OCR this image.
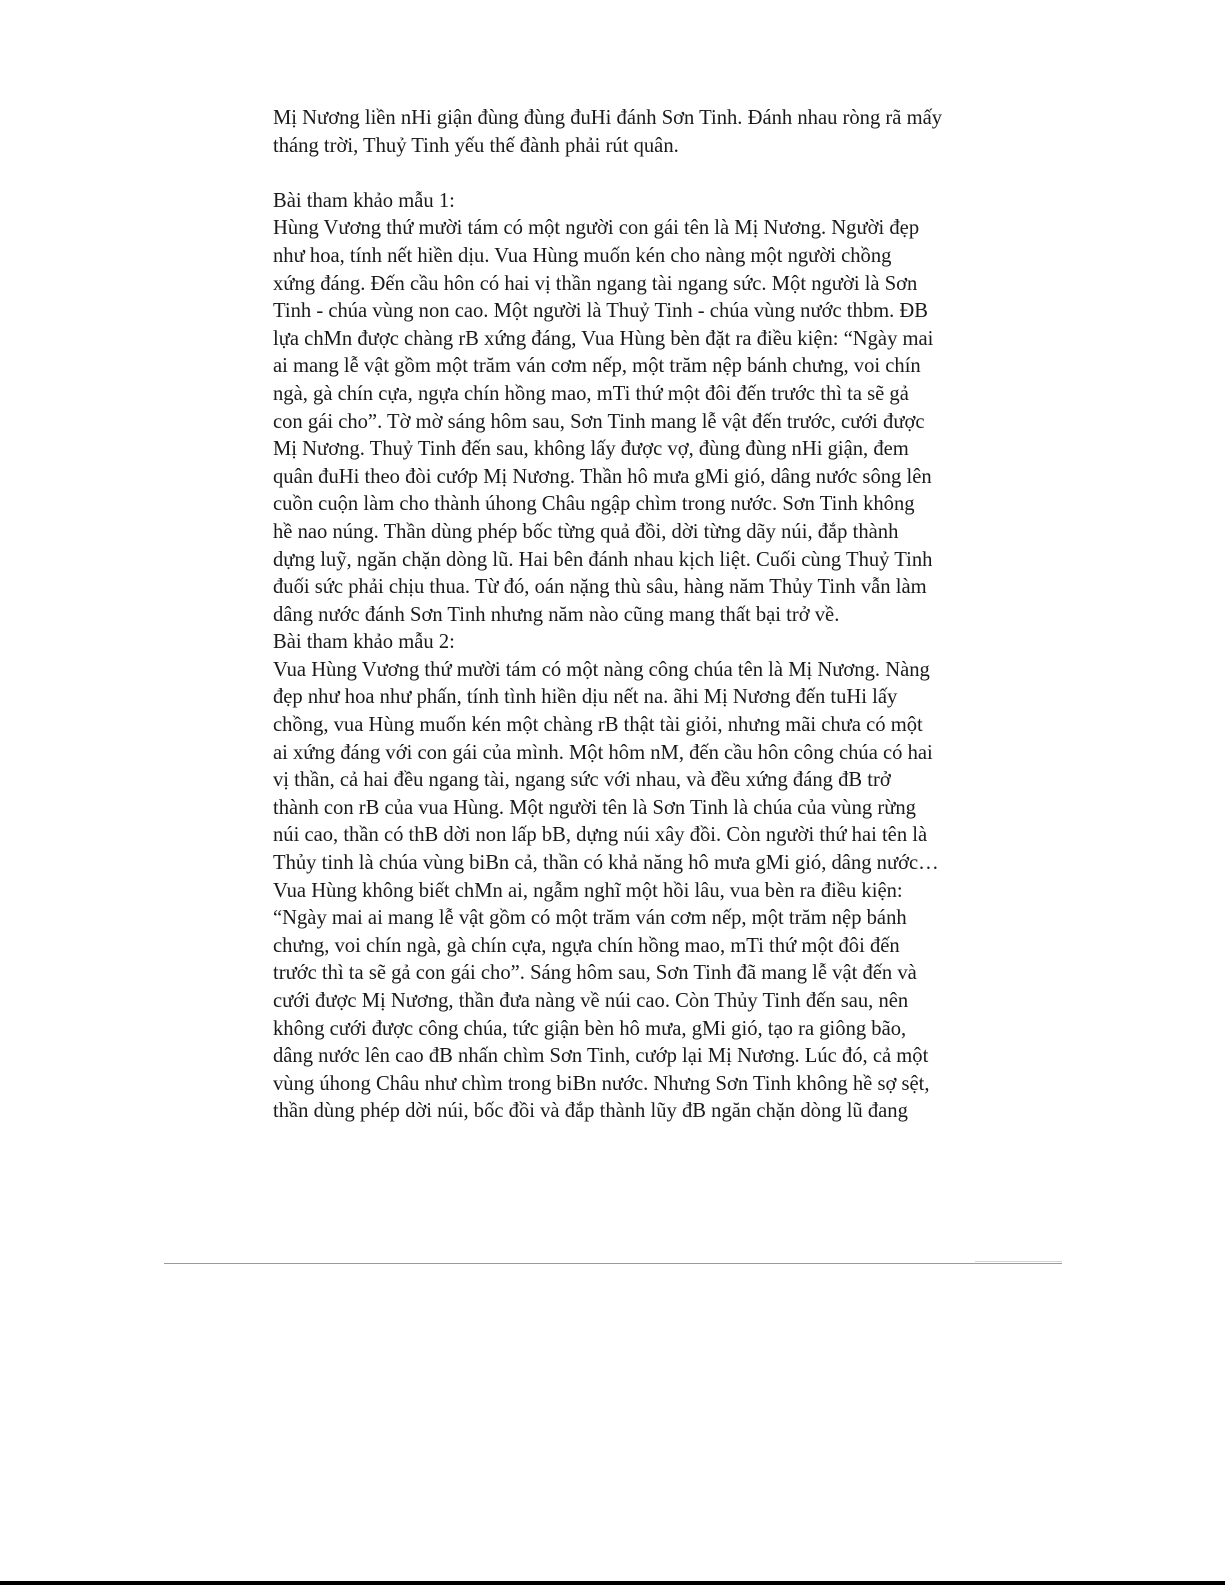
Mị Nương liền nHi giận đùng đùng đuHi đánh Sơn Tinh. Đánh nhau ròng rã mấy
tháng trời, Thuỷ Tinh yếu thế đành phải rút quân.
Bài tham khảo mẫu 1:
Hùng Vương thứ mười tám có một người con gái tên là Mị Nương. Người đẹp
như hoa, tính nết hiền dịu. Vua Hùng muốn kén cho nàng một người chồng
xứng đáng. Đến cầu hôn có hai vị thần ngang tài ngang sức. Một người là Sơn
Tinh - chúa vùng non cao. Một người là Thuỷ Tinh - chúa vùng nước thbm. ĐB
lựa chMn được chàng rB xứng đáng, Vua Hùng bèn đặt ra điều kiện: “Ngày mai
ai mang lễ vật gồm một trăm ván cơm nếp, một trăm nệp bánh chưng, voi chín
ngà, gà chín cựa, ngựa chín hồng mao, mTi thứ một đôi đến trước thì ta sẽ gả
con gái cho”. Tờ mờ sáng hôm sau, Sơn Tinh mang lễ vật đến trước, cưới được
Mị Nương. Thuỷ Tinh đến sau, không lấy được vợ, đùng đùng nHi giận, đem
quân đuHi theo đòi cướp Mị Nương. Thần hô mưa gMi gió, dâng nước sông lên
cuồn cuộn làm cho thành úhong Châu ngập chìm trong nước. Sơn Tinh không
hề nao núng. Thần dùng phép bốc từng quả đồi, dời từng dãy núi, đắp thành
dựng luỹ, ngăn chặn dòng lũ. Hai bên đánh nhau kịch liệt. Cuối cùng Thuỷ Tinh
đuối sức phải chịu thua. Từ đó, oán nặng thù sâu, hàng năm Thủy Tinh vẫn làm
dâng nước đánh Sơn Tinh nhưng năm nào cũng mang thất bại trở về.
Bài tham khảo mẫu 2:
Vua Hùng Vương thứ mười tám có một nàng công chúa tên là Mị Nương. Nàng
đẹp như hoa như phấn, tính tình hiền dịu nết na. ãhi Mị Nương đến tuHi lấy
chồng, vua Hùng muốn kén một chàng rB thật tài giỏi, nhưng mãi chưa có một
ai xứng đáng với con gái của mình. Một hôm nM, đến cầu hôn công chúa có hai
vị thần, cả hai đều ngang tài, ngang sức với nhau, và đều xứng đáng đB trở
thành con rB của vua Hùng. Một người tên là Sơn Tinh là chúa của vùng rừng
núi cao, thần có thB dời non lấp bB, dựng núi xây đồi. Còn người thứ hai tên là
Thủy tinh là chúa vùng biBn cả, thần có khả năng hô mưa gMi gió, dâng nước…
Vua Hùng không biết chMn ai, ngẫm nghĩ một hồi lâu, vua bèn ra điều kiện:
“Ngày mai ai mang lễ vật gồm có một trăm ván cơm nếp, một trăm nệp bánh
chưng, voi chín ngà, gà chín cựa, ngựa chín hồng mao, mTi thứ một đôi đến
trước thì ta sẽ gả con gái cho”. Sáng hôm sau, Sơn Tinh đã mang lễ vật đến và
cưới được Mị Nương, thần đưa nàng về núi cao. Còn Thủy Tinh đến sau, nên
không cưới được công chúa, tức giận bèn hô mưa, gMi gió, tạo ra giông bão,
dâng nước lên cao đB nhấn chìm Sơn Tinh, cướp lại Mị Nương. Lúc đó, cả một
vùng úhong Châu như chìm trong biBn nước. Nhưng Sơn Tinh không hề sợ sệt,
thần dùng phép dời núi, bốc đồi và đắp thành lũy đB ngăn chặn dòng lũ đang
